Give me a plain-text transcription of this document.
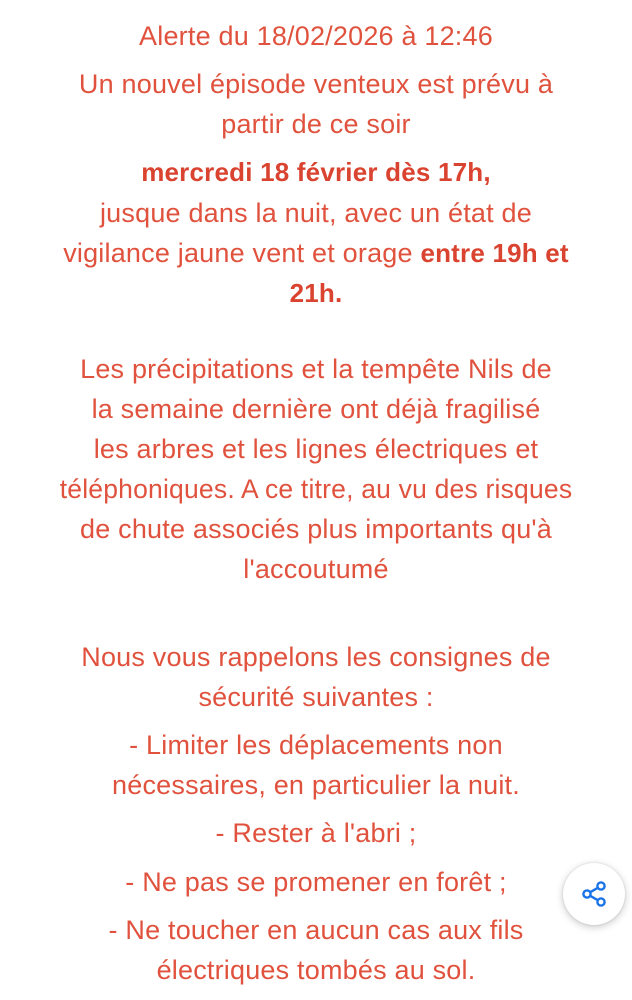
Alerte du 18/02/2026 à 12:46
Un nouvel épisode venteux est prévu à
partir de ce soir
mercredi 18 février dès 17h,
jusque dans la nuit, avec un état de
vigilance jaune vent et orage entre 19h et
21h.
Les précipitations et la tempête Nils de
la semaine dernière ont déjà fragilisé
les arbres et les lignes électriques et
téléphoniques. A ce titre, au vu des risques
de chute associés plus importants qu'à
l'accoutumé
Nous vous rappelons les consignes de
sécurité suivantes :
- Limiter les déplacements non
nécessaires, en particulier la nuit.
- Rester à l'abri ;
- Ne pas se promener en forêt ;
- Ne toucher en aucun cas aux fils
électriques tombés au sol.
